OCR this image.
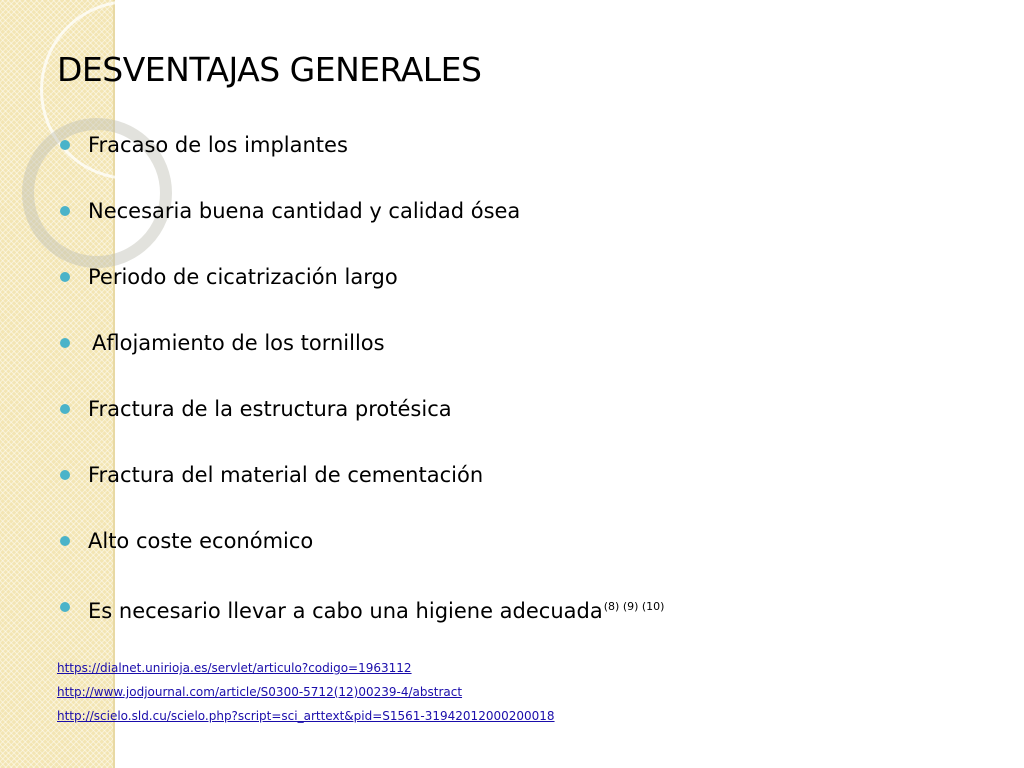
DESVENTAJAS GENERALES
Fracaso de los implantes
Necesaria buena cantidad y calidad ósea
Periodo de cicatrización largo
Aflojamiento de los tornillos
Fractura de la estructura protésica
Fractura del material de cementación
Alto coste económico
Es necesario llevar a cabo una higiene adecuada$^{(8) (9) (10)}$
https://dialnet.unirioja.es/servlet/articulo?codigo=1963112
http://www.jodjournal.com/article/S0300-5712(12)00239-4/abstract
http://scielo.sld.cu/scielo.php?script=sci_arttext&pid=S1561-31942012000200018
